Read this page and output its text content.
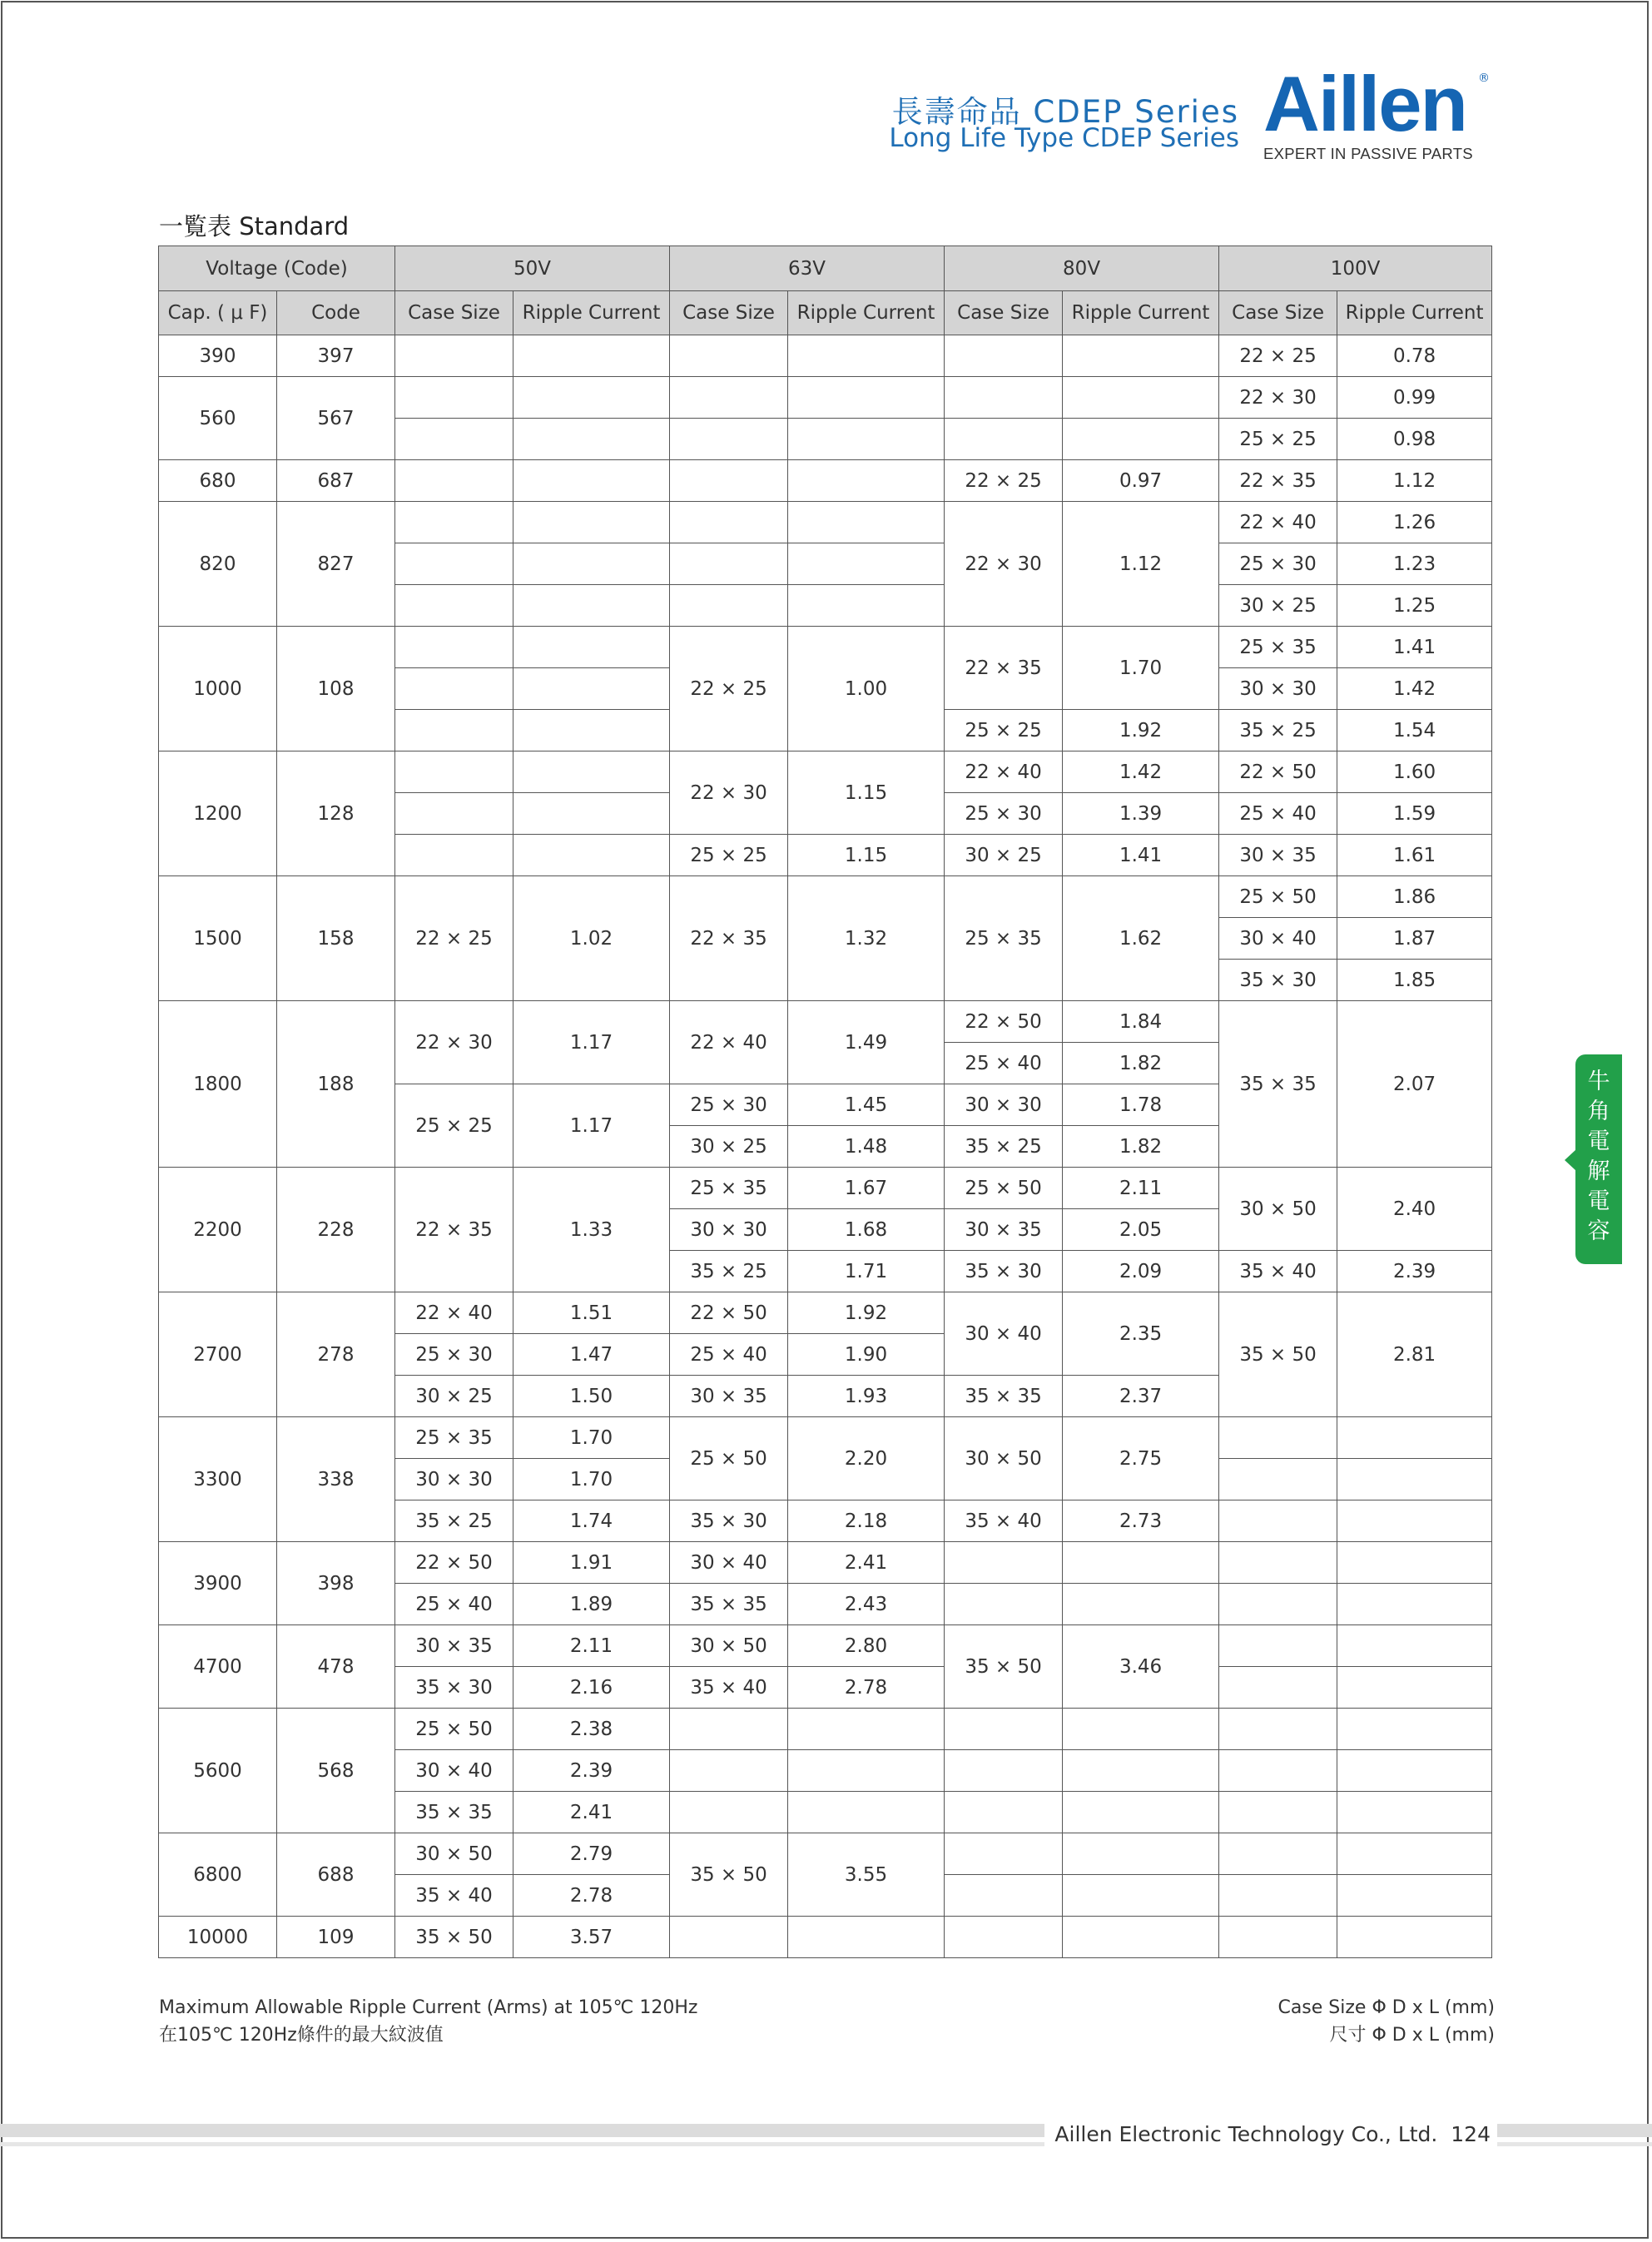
長壽命品 CDEP Series
Long Life Type CDEP Series Aillen	®
EXPERT IN PASSIVE PARTS
一覧表 Standard
Voltage (Code)		50V		63V		80V		100V	
Cap. ( μ F)	Code	Case Size	Ripple Current	Case Size	Ripple Current	Case Size	Ripple Current	Case Size	Ripple Current
390	397							22 × 25	0.78
560	567							22 × 30	0.99
								25 × 25	0.98
680	687					22 × 25	0.97	22 × 35	1.12
820	827					22 × 30	1.12	22 × 40	1.26
								25 × 30	1.23
								30 × 25	1.25
1000	108			22 × 25	1.00	22 × 35	1.70	25 × 35	1.41
								30 × 30	1.42
						25 × 25	1.92	35 × 25	1.54
1200	128			22 × 30	1.15	22 × 40	1.42	22 × 50	1.60
						25 × 30	1.39	25 × 40	1.59
				25 × 25	1.15	30 × 25	1.41	30 × 35	1.61
1500	158	22 × 25	1.02	22 × 35	1.32	25 × 35	1.62	25 × 50	1.86
								30 × 40	1.87
								35 × 30	1.85
1800	188	22 × 30	1.17	22 × 40	1.49	22 × 50	1.84	35 × 35	2.07
						25 × 40	1.82		
		25 × 25	1.17	25 × 30	1.45	30 × 30	1.78		
				30 × 25	1.48	35 × 25	1.82		
2200	228	22 × 35	1.33	25 × 35	1.67	25 × 50	2.11	30 × 50	2.40
				30 × 30	1.68	30 × 35	2.05		
				35 × 25	1.71	35 × 30	2.09	35 × 40	2.39
2700	278	22 × 40	1.51	22 × 50	1.92	30 × 40	2.35	35 × 50	2.81
		25 × 30	1.47	25 × 40	1.90				
		30 × 25	1.50	30 × 35	1.93	35 × 35	2.37		
3300	338	25 × 35	1.70	25 × 50	2.20	30 × 50	2.75		
		30 × 30	1.70						
		35 × 25	1.74	35 × 30	2.18	35 × 40	2.73		
3900	398	22 × 50	1.91	30 × 40	2.41				
		25 × 40	1.89	35 × 35	2.43				
4700	478	30 × 35	2.11	30 × 50	2.80	35 × 50	3.46		
		35 × 30	2.16	35 × 40	2.78				
5600	568	25 × 50	2.38						
		30 × 40	2.39						
		35 × 35	2.41						
6800	688	30 × 50	2.79	35 × 50	3.55				
		35 × 40	2.78						
10000	109	35 × 50	3.57						
Maximum Allowable Ripple Current (Arms) at 105℃ 120Hz
在105℃ 120Hz條件的最大紋波值
Case Size Φ D x L (mm)
尺寸 Φ D x L (mm)
牛
角
電
解
電
容
Aillen Electronic Technology Co., Ltd. 124
